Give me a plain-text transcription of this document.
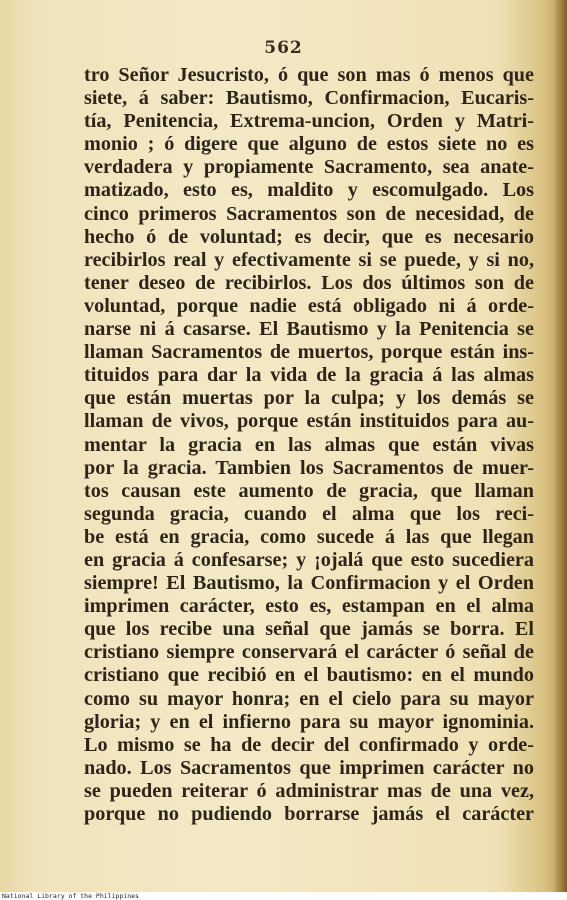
562
tro Señor Jesucristo, ó que son mas ó menos que
siete, á saber: Bautismo, Confirmacion, Eucaris-
tía, Penitencia, Extrema-uncion, Orden y Matri-
monio ; ó digere que alguno de estos siete no es
verdadera y propiamente Sacramento, sea anate-
matizado, esto es, maldito y escomulgado. Los
cinco primeros Sacramentos son de necesidad, de
hecho ó de voluntad; es decir, que es necesario
recibirlos real y efectivamente si se puede, y si no,
tener deseo de recibirlos. Los dos últimos son de
voluntad, porque nadie está obligado ni á orde-
narse ni á casarse. El Bautismo y la Penitencia se
llaman Sacramentos de muertos, porque están ins-
tituidos para dar la vida de la gracia á las almas
que están muertas por la culpa; y los demás se
llaman de vivos, porque están instituidos para au-
mentar la gracia en las almas que están vivas
por la gracia. Tambien los Sacramentos de muer-
tos causan este aumento de gracia, que llaman
segunda gracia, cuando el alma que los reci-
be está en gracia, como sucede á las que llegan
en gracia á confesarse; y ¡ojalá que esto sucediera
siempre! El Bautismo, la Confirmacion y el Orden
imprimen carácter, esto es, estampan en el alma
que los recibe una señal que jamás se borra. El
cristiano siempre conservará el carácter ó señal de
cristiano que recibió en el bautismo: en el mundo
como su mayor honra; en el cielo para su mayor
gloria; y en el infierno para su mayor ignominia.
Lo mismo se ha de decir del confirmado y orde-
nado. Los Sacramentos que imprimen carácter no
se pueden reiterar ó administrar mas de una vez,
porque no pudiendo borrarse jamás el carácter
National Library of the Philippines
